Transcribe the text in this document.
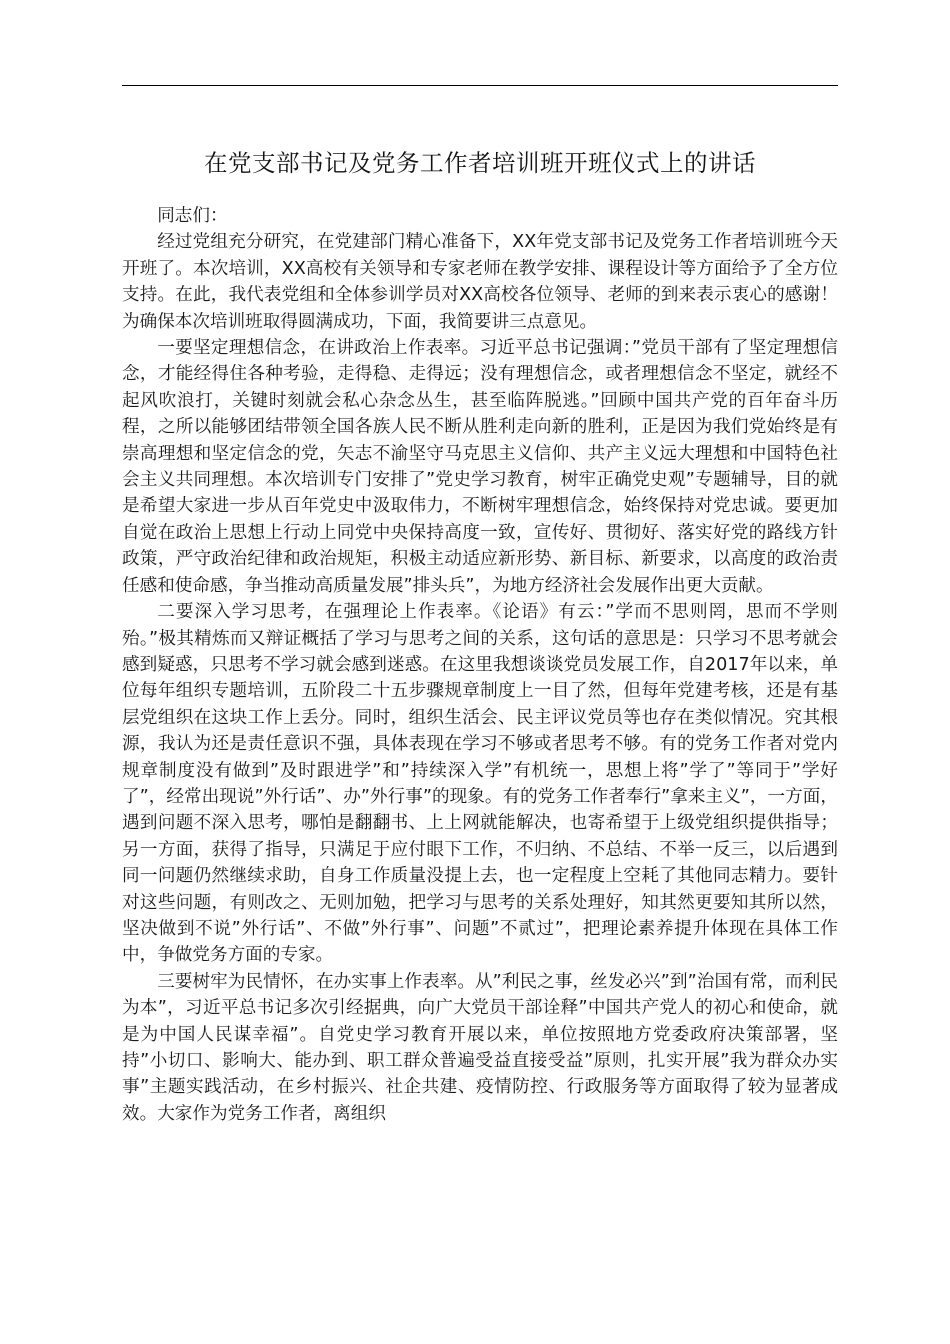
在党支部书记及党务工作者培训班开班仪式上的讲话

同志们：

经过党组充分研究，在党建部门精心准备下，XX年党支部书记及党务工作者培训班今天开班了。本次培训，XX高校有关领导和专家老师在教学安排、课程设计等方面给予了全方位支持。在此，我代表党组和全体参训学员对XX高校各位领导、老师的到来表示衷心的感谢！为确保本次培训班取得圆满成功，下面，我简要讲三点意见。

一要坚定理想信念，在讲政治上作表率。习近平总书记强调：”党员干部有了坚定理想信念，才能经得住各种考验，走得稳、走得远；没有理想信念，或者理想信念不坚定，就经不起风吹浪打，关键时刻就会私心杂念丛生，甚至临阵脱逃。”回顾中国共产党的百年奋斗历程，之所以能够团结带领全国各族人民不断从胜利走向新的胜利，正是因为我们党始终是有崇高理想和坚定信念的党，矢志不渝坚守马克思主义信仰、共产主义远大理想和中国特色社会主义共同理想。本次培训专门安排了”党史学习教育，树牢正确党史观”专题辅导，目的就是希望大家进一步从百年党史中汲取伟力，不断树牢理想信念，始终保持对党忠诚。要更加自觉在政治上思想上行动上同党中央保持高度一致，宣传好、贯彻好、落实好党的路线方针政策，严守政治纪律和政治规矩，积极主动适应新形势、新目标、新要求，以高度的政治责任感和使命感，争当推动高质量发展”排头兵”，为地方经济社会发展作出更大贡献。

二要深入学习思考，在强理论上作表率。《论语》有云：”学而不思则罔，思而不学则殆。”极其精炼而又辩证概括了学习与思考之间的关系，这句话的意思是：只学习不思考就会感到疑惑，只思考不学习就会感到迷惑。在这里我想谈谈党员发展工作，自2017年以来，单位每年组织专题培训，五阶段二十五步骤规章制度上一目了然，但每年党建考核，还是有基层党组织在这块工作上丢分。同时，组织生活会、民主评议党员等也存在类似情况。究其根源，我认为还是责任意识不强，具体表现在学习不够或者思考不够。有的党务工作者对党内规章制度没有做到”及时跟进学”和”持续深入学”有机统一，思想上将”学了”等同于”学好了”，经常出现说”外行话”、办”外行事”的现象。有的党务工作者奉行”拿来主义”，一方面，遇到问题不深入思考，哪怕是翻翻书、上上网就能解决，也寄希望于上级党组织提供指导；另一方面，获得了指导，只满足于应付眼下工作，不归纳、不总结、不举一反三，以后遇到同一问题仍然继续求助，自身工作质量没提上去，也一定程度上空耗了其他同志精力。要针对这些问题，有则改之、无则加勉，把学习与思考的关系处理好，知其然更要知其所以然，坚决做到不说”外行话”、不做”外行事”、问题”不贰过”，把理论素养提升体现在具体工作中，争做党务方面的专家。

三要树牢为民情怀，在办实事上作表率。从”利民之事，丝发必兴”到”治国有常，而利民为本”，习近平总书记多次引经据典，向广大党员干部诠释”中国共产党人的初心和使命，就是为中国人民谋幸福”。自党史学习教育开展以来，单位按照地方党委政府决策部署，坚持”小切口、影响大、能办到、职工群众普遍受益直接受益”原则，扎实开展”我为群众办实事”主题实践活动，在乡村振兴、社企共建、疫情防控、行政服务等方面取得了较为显著成效。大家作为党务工作者，离组织
